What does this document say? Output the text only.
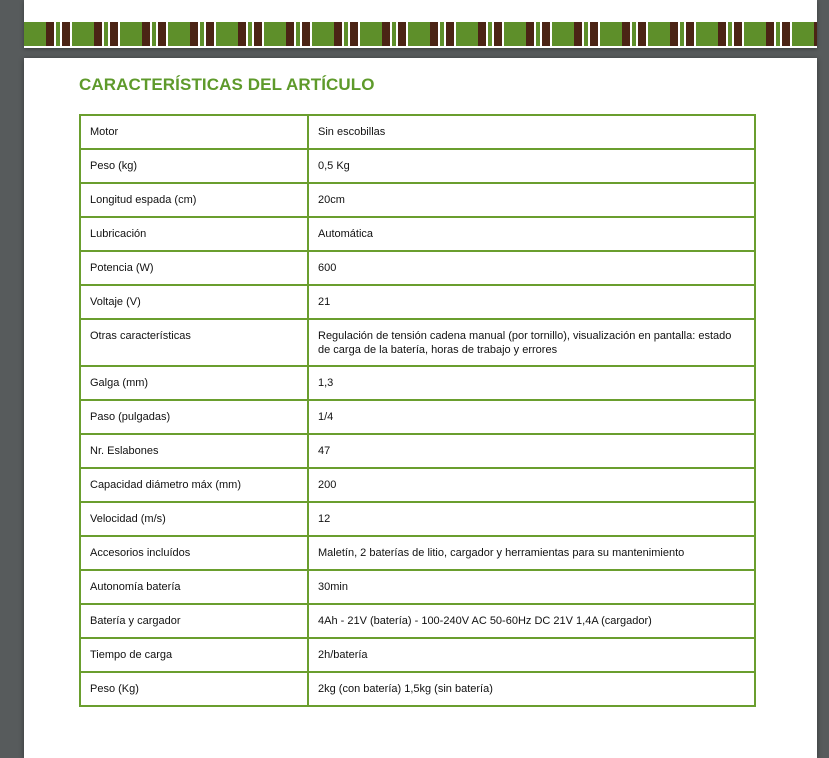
CARACTERÍSTICAS DEL ARTÍCULO
Motor	Sin escobillas
Peso (kg)	0,5 Kg
Longitud espada (cm)	20cm
Lubricación	Automática
Potencia (W)	600
Voltaje (V)	21
Otras características	Regulación de tensión cadena manual (por tornillo), visualización en pantalla: estado de carga de la batería, horas de trabajo y errores
Galga (mm)	1,3
Paso (pulgadas)	1/4
Nr. Eslabones	47
Capacidad diámetro máx (mm)	200
Velocidad (m/s)	12
Accesorios incluídos	Maletín, 2 baterías de litio, cargador y herramientas para su mantenimiento
Autonomía batería	30min
Batería y cargador	4Ah - 21V (batería) - 100-240V AC 50-60Hz DC 21V 1,4A (cargador)
Tiempo de carga	2h/batería
Peso (Kg)	2kg (con batería) 1,5kg (sin batería)
